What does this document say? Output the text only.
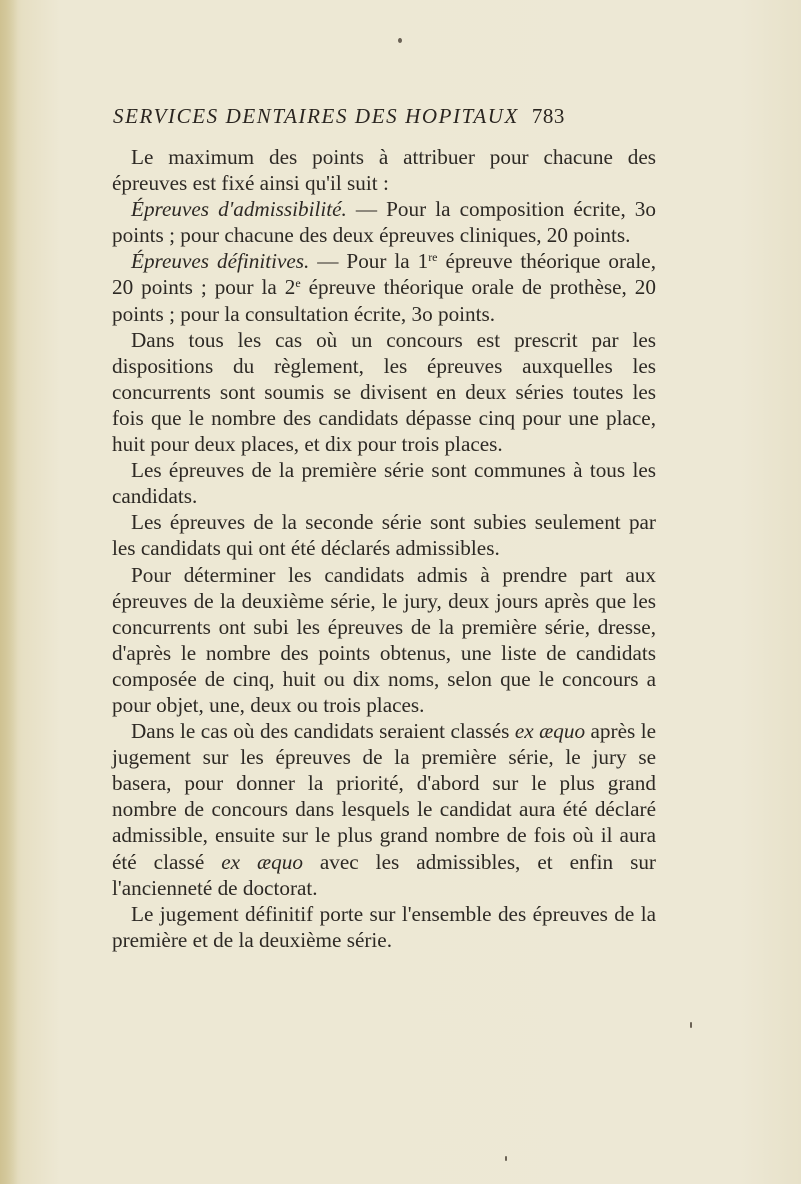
SERVICES DENTAIRES DES HOPITAUX 783

Le maximum des points à attribuer pour chacune des épreuves est fixé ainsi qu'il suit :

Épreuves d'admissibilité. — Pour la composition écrite, 3o points ; pour chacune des deux épreuves cliniques, 20 points.

Épreuves définitives. — Pour la 1re épreuve théorique orale, 20 points ; pour la 2e épreuve théorique orale de prothèse, 20 points ; pour la consultation écrite, 3o points.

Dans tous les cas où un concours est prescrit par les dispositions du règlement, les épreuves auxquelles les concurrents sont soumis se divisent en deux séries toutes les fois que le nombre des candidats dépasse cinq pour une place, huit pour deux places, et dix pour trois places.

Les épreuves de la première série sont communes à tous les candidats.

Les épreuves de la seconde série sont subies seulement par les candidats qui ont été déclarés admissibles.

Pour déterminer les candidats admis à prendre part aux épreuves de la deuxième série, le jury, deux jours après que les concurrents ont subi les épreuves de la première série, dresse, d'après le nombre des points obtenus, une liste de candidats composée de cinq, huit ou dix noms, selon que le concours a pour objet, une, deux ou trois places.

Dans le cas où des candidats seraient classés ex æquo après le jugement sur les épreuves de la première série, le jury se basera, pour donner la priorité, d'abord sur le plus grand nombre de concours dans lesquels le candidat aura été déclaré admissible, ensuite sur le plus grand nombre de fois où il aura été classé ex æquo avec les admissibles, et enfin sur l'ancienneté de doctorat.

Le jugement définitif porte sur l'ensemble des épreuves de la première et de la deuxième série.
